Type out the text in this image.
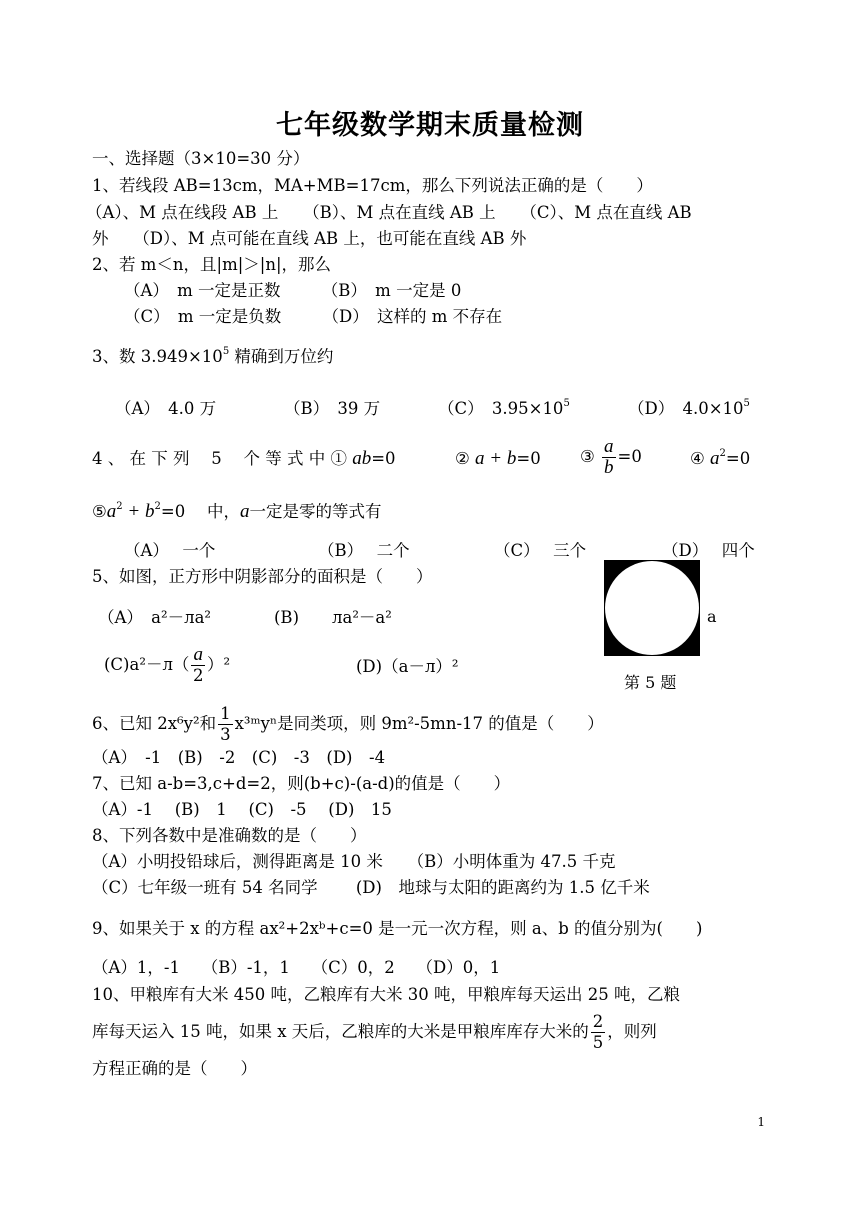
七年级数学期末质量检测
一、选择题（3×10=30 分）
1、若线段 AB=13cm，MA+MB=17cm，那么下列说法正确的是（　　）
（A）、M 点在线段 AB 上　　（B）、M 点在直线 AB 上　　（C）、M 点在直线 AB
外　　（D）、M 点可能在直线 AB 上，也可能在直线 AB 外
2、若 m＜n，且|m|＞|n|，那么
（A）　m 一定是正数　　　（B）　m 一定是 0
（C）　m 一定是负数　　　（D）　这样的 m 不存在
3、数 $3.949\times 10^5$ 精确到万位约
（A）　4.0 万	（B）　39 万	（C）　$3.95\times 10^5$	（D）　$4.0\times 10^5$
4 、 在 下 列 　5 　个 等 式 中 ① ab=0	② a + b=0 ③ $\frac{a}{b} =0$	④ $a^2=0$
$⑤a^2 + b^2=0$　 中，a一定是零的等式有
（A）　 一个	（B）　 二个	（C）　 三个	（D）　 四个
5、如图，正方形中阴影部分的面积是（　　）
（A）　a²－лa²	(B)　　лa²－a²
$(C)a^2-л( \frac{a}{2} )^2$	(D)（a－л）²
a
第 5 题
6、已知 2x⁶y²和 $\frac{1}{3}$ x³ᵐyⁿ是同类项，则 9m²-5mn-17 的值是（　　）
（A）　-1　(B)　-2　(C)　-3　(D)　-4
7、已知 a-b=3,c+d=2，则(b+c)-(a-d)的值是（　　）
（A）-1　 (B)　1　 (C)　-5　 (D)　15
8、下列各数中是准确数的是（　　）
（A）小明投铅球后，测得距离是 10 米　　（B）小明体重为 47.5 千克
（C）七年级一班有 54 名同学　　 (D)　地球与太阳的距离约为 1.5 亿千米
9、如果关于 x 的方程 ax²+2xᵇ+c=0 是一元一次方程，则 a、b 的值分别为(　　)
（A）1，-1　 （B）-1，1　 （C）0，2　 （D）0，1
10、甲粮库有大米 450 吨，乙粮库有大米 30 吨，甲粮库每天运出 25 吨，乙粮
库每天运入 15 吨，如果 x 天后，乙粮库的大米是甲粮库库存大米的 $\frac{2}{5}$ ，则列
方程正确的是（　　）
1
